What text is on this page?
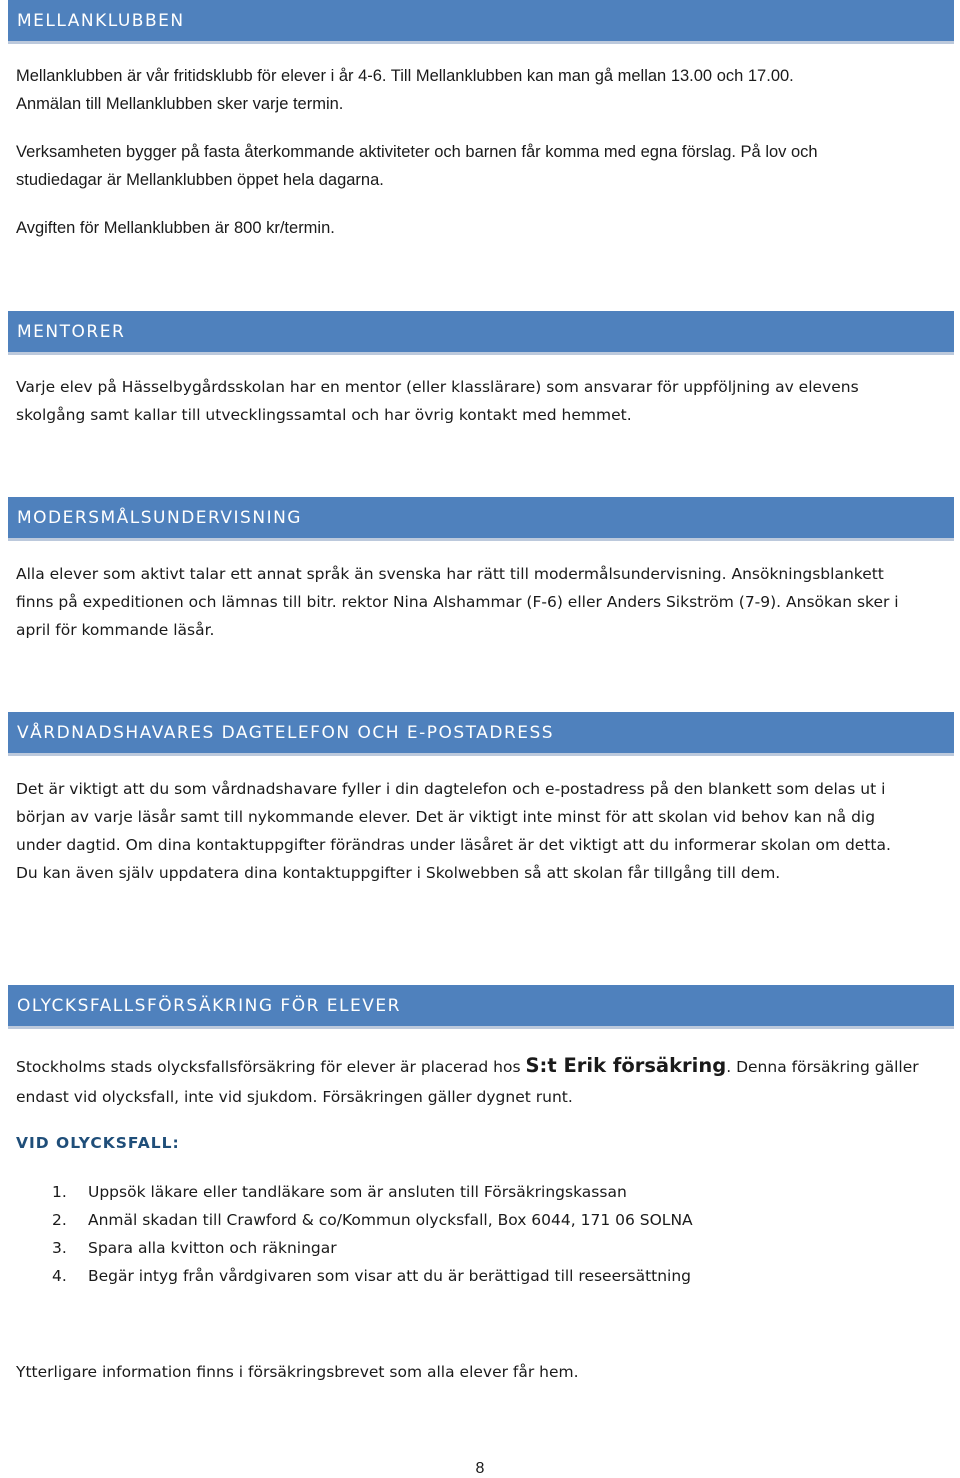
MELLANKLUBBEN

Mellanklubben är vår fritidsklubb för elever i år 4-6. Till Mellanklubben kan man gå mellan 13.00 och 17.00.
Anmälan till Mellanklubben sker varje termin.

Verksamheten bygger på fasta återkommande aktiviteter och barnen får komma med egna förslag. På lov och
studiedagar är Mellanklubben öppet hela dagarna.

Avgiften för Mellanklubben är 800 kr/termin.

MENTORER

Varje elev på Hässelbygårdsskolan har en mentor (eller klasslärare) som ansvarar för uppföljning av elevens
skolgång samt kallar till utvecklingssamtal och har övrig kontakt med hemmet.

MODERSMÅLSUNDERVISNING

Alla elever som aktivt talar ett annat språk än svenska har rätt till modermålsundervisning. Ansökningsblankett
finns på expeditionen och lämnas till bitr. rektor Nina Alshammar (F-6) eller Anders Sikström (7-9). Ansökan sker i
april för kommande läsår.

VÅRDNADSHAVARES DAGTELEFON OCH E-POSTADRESS

Det är viktigt att du som vårdnadshavare fyller i din dagtelefon och e-postadress på den blankett som delas ut i
början av varje läsår samt till nykommande elever. Det är viktigt inte minst för att skolan vid behov kan nå dig
under dagtid. Om dina kontaktuppgifter förändras under läsåret är det viktigt att du informerar skolan om detta.
Du kan även själv uppdatera dina kontaktuppgifter i Skolwebben så att skolan får tillgång till dem.

OLYCKSFALLSFÖRSÄKRING FÖR ELEVER

Stockholms stads olycksfallsförsäkring för elever är placerad hos S:t Erik försäkring. Denna försäkring gäller
endast vid olycksfall, inte vid sjukdom. Försäkringen gäller dygnet runt.

VID OLYCKSFALL:
1.	Uppsök läkare eller tandläkare som är ansluten till Försäkringskassan
2.	Anmäl skadan till Crawford & co/Kommun olycksfall, Box 6044, 171 06 SOLNA
3.	Spara alla kvitton och räkningar
4.	Begär intyg från vårdgivaren som visar att du är berättigad till reseersättning

Ytterligare information finns i försäkringsbrevet som alla elever får hem.

8
